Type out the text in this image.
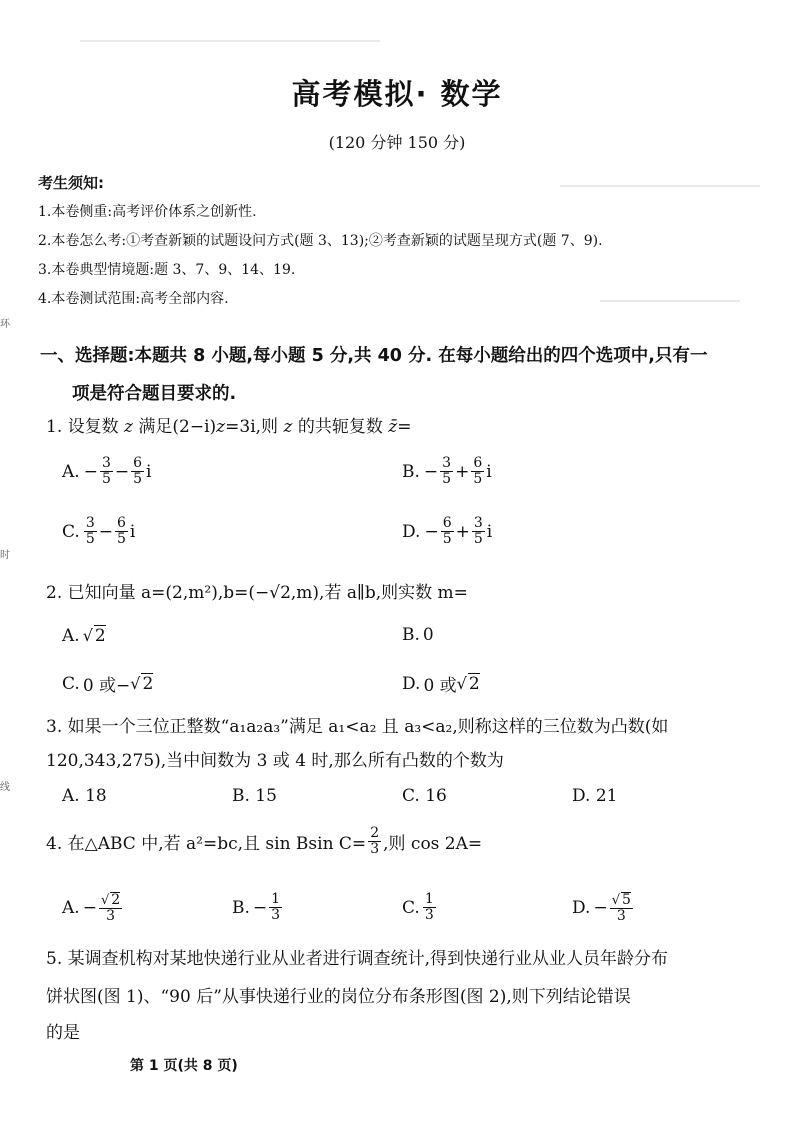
环
时
线
高考模拟· 数学
(120 分钟 150 分)
考生须知:
1.本卷侧重:高考评价体系之创新性.
2.本卷怎么考:①考查新颖的试题设问方式(题 3、13);②考查新颖的试题呈现方式(题 7、9).
3.本卷典型情境题:题 3、7、9、14、19.
4.本卷测试范围:高考全部内容.
一、选择题:本题共 8 小题,每小题 5 分,共 40 分. 在每小题给出的四个选项中,只有一
项是符合题目要求的.
1. 设复数 z 满足(2−i)z=3i,则 z 的共轭复数 z̄=
A. − $\frac{3}{5} - \frac{6}{5}$ i	B. − $\frac{3}{5} + \frac{6}{5}$ i
C. $\frac{3}{5} - \frac{6}{5}$ i	D. − $\frac{6}{5} + \frac{3}{5}$ i
2. 已知向量 a=(2,m²),b=(−√2,m),若 a∥b,则实数 m=
A. √ 2	B. 0
C. 0 或− √ 2	D. 0 或 √ 2
3. 如果一个三位正整数“a₁a₂a₃”满足 a₁<a₂ 且 a₃<a₂,则称这样的三位数为凸数(如
120,343,275),当中间数为 3 或 4 时,那么所有凸数的个数为
A. 18	B. 15	C. 16	D. 21
4. 在△ABC 中,若 a²=bc,且 sin Bsin $C= \frac{2}{3}$ ,则 cos 2A=
A. − $\frac{√ 2}{3}$	B. − $\frac{1}{3}$	C. $\frac{1}{3}$	D. − $\frac{√ 5}{3}$
5. 某调查机构对某地快递行业从业者进行调查统计,得到快递行业从业人员年龄分布
饼状图(图 1)、“90 后”从事快递行业的岗位分布条形图(图 2),则下列结论错误
的是
第 1 页(共 8 页)
